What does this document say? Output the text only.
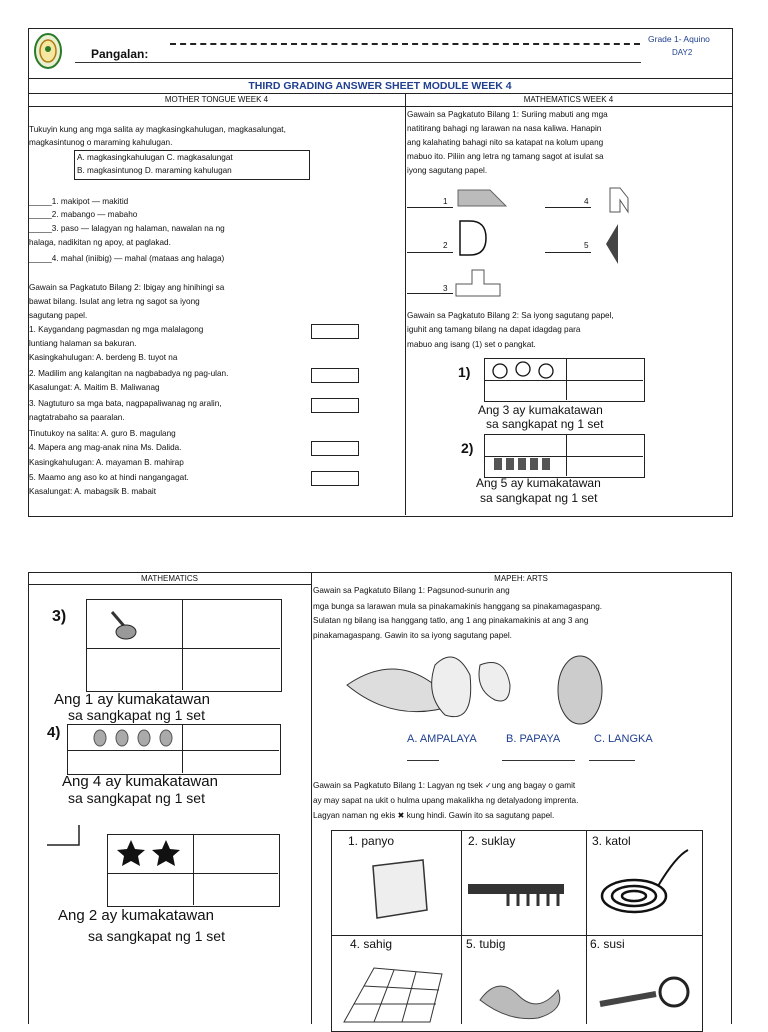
Pangalan:
Grade 1- Aquino
DAY2
THIRD GRADING ANSWER SHEET MODULE WEEK 4
MOTHER TONGUE WEEK 4	MATHEMATICS WEEK 4
Tukuyin kung ang mga salita ay magkasingkahulugan, magkasalungat,
magkasintunog o maraming kahulugan.
A. magkasingkahulugan C. magkasalungat
B. magkasintunog D. maraming kahulugan
_____1. makipot — makitid
_____2. mabango — mabaho
_____3. paso — lalagyan ng halaman, nawalan na ng
halaga, nadikitan ng apoy, at paglakad.
_____4. mahal (iniibig) — mahal (mataas ang halaga)
Gawain sa Pagkatuto Bilang 2: Ibigay ang hinihingi sa
bawat bilang. Isulat ang letra ng sagot sa iyong
sagutang papel.
1. Kaygandang pagmasdan ng mga malalagong
luntiang halaman sa bakuran.
Kasingkahulugan: A. berdeng B. tuyot na
2. Madilim ang kalangitan na nagbabadya ng pag-ulan.
Kasalungat: A. Maitim B. Maliwanag
3. Nagtuturo sa mga bata, nagpapaliwanag ng aralin,
nagtatrabaho sa paaralan.
Tinutukoy na salita: A. guro B. magulang
4. Mapera ang mag-anak nina Ms. Dalida.
Kasingkahulugan: A. mayaman B. mahirap
5. Maamo ang aso ko at hindi nangangagat.
Kasalungat: A. mabagsik B. mabait
Gawain sa Pagkatuto Bilang 1: Suriing mabuti ang mga
natitirang bahagi ng larawan na nasa kaliwa. Hanapin
ang kalahating bahagi nito sa katapat na kolum upang
mabuo ito. Piliin ang letra ng tamang sagot at isulat sa
iyong sagutang papel.
1
2
3
4
5
Gawain sa Pagkatuto Bilang 2: Sa iyong sagutang papel,
iguhit ang tamang bilang na dapat idagdag para
mabuo ang isang (1) set o pangkat.
1)
Ang 3 ay kumakatawan
sa sangkapat ng 1 set
2)
Ang 5 ay kumakatawan
sa sangkapat ng 1 set
MATHEMATICS	MAPEH: ARTS
3)
Ang 1 ay kumakatawan
sa sangkapat ng 1 set
4)
Ang 4 ay kumakatawan
sa sangkapat ng 1 set
Ang 2 ay kumakatawan
sa sangkapat ng 1 set
Gawain sa Pagkatuto Bilang 1: Pagsunod-sunurin ang
mga bunga sa larawan mula sa pinakamakinis hanggang sa pinakamagaspang.
Sulatan ng bilang isa hanggang tatlo, ang 1 ang pinakamakinis at ang 3 ang
pinakamagaspang. Gawin ito sa iyong sagutang papel.
A. AMPALAYA	B. PAPAYA	C. LANGKA
Gawain sa Pagkatuto Bilang 1: Lagyan ng tsek ✓ung ang bagay o gamit
ay may sapat na ukit o hulma upang makalikha ng detalyadong imprenta.
Lagyan naman ng ekis ✖ kung hindi. Gawin ito sa sagutang papel.
1. panyo	2. suklay	3. katol
4. sahig	5. tubig	6. susi
